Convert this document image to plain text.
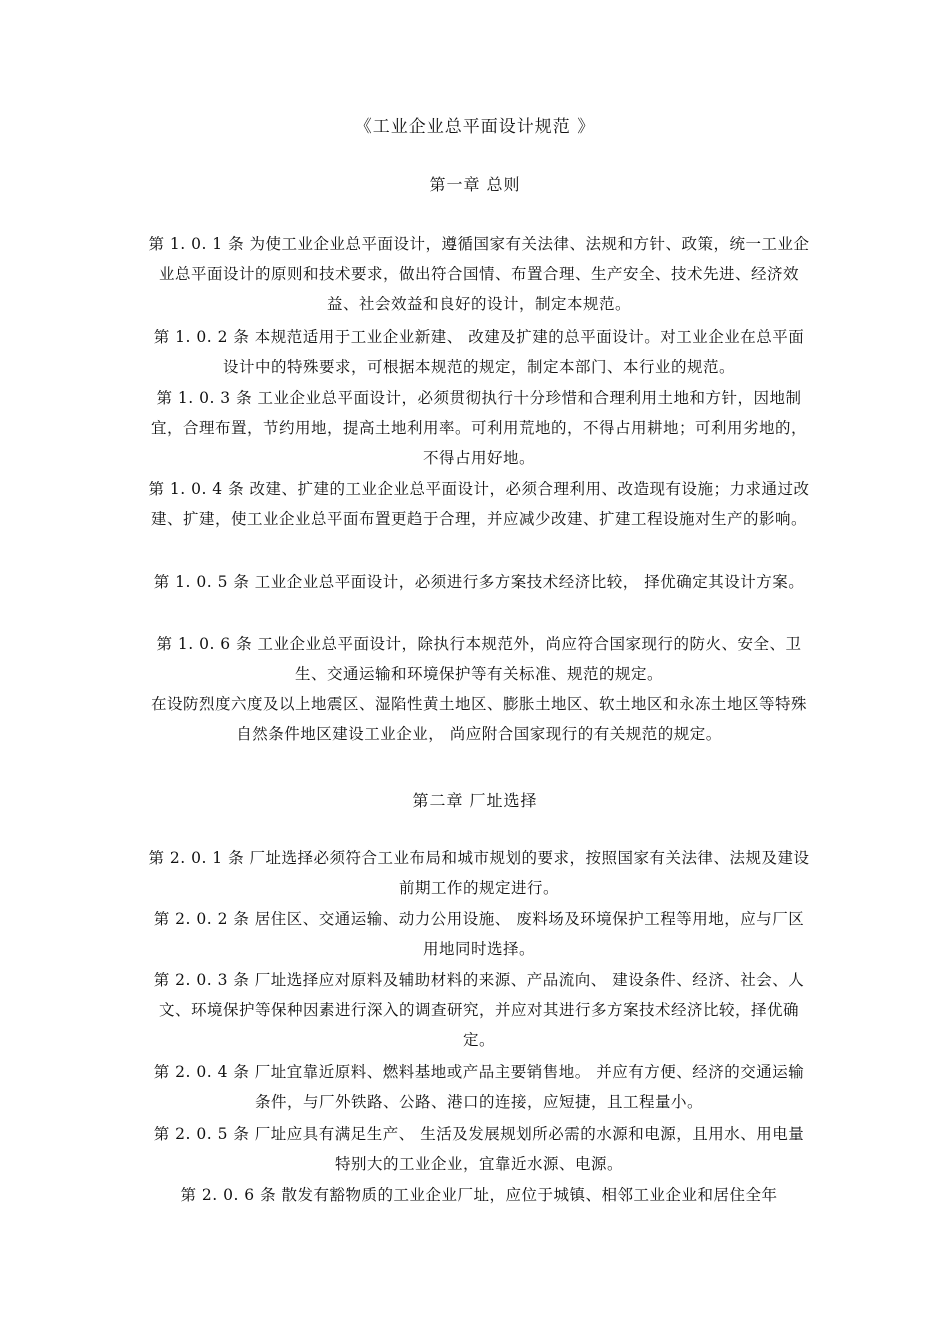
《工业企业总平面设计规范 》
第一章 总则
第 1. 0. 1 条 为使工业企业总平面设计，遵循国家有关法律、法规和方针、政策，统一工业企业总平面设计的原则和技术要求，做出符合国情、布置合理、生产安全、技术先进、经济效益、社会效益和良好的设计，制定本规范。
第 1. 0. 2 条 本规范适用于工业企业新建、 改建及扩建的总平面设计。对工业企业在总平面设计中的特殊要求，可根据本规范的规定，制定本部门、本行业的规范。
第 1. 0. 3 条 工业企业总平面设计，必须贯彻执行十分珍惜和合理利用土地和方针，因地制宜，合理布置，节约用地，提高土地利用率。可利用荒地的，不得占用耕地；可利用劣地的，不得占用好地。
第 1. 0. 4 条 改建、扩建的工业企业总平面设计，必须合理利用、改造现有设施；力求通过改建、扩建，使工业企业总平面布置更趋于合理，并应减少改建、扩建工程设施对生产的影响。
第 1. 0. 5 条 工业企业总平面设计，必须进行多方案技术经济比较， 择优确定其设计方案。
第 1. 0. 6 条 工业企业总平面设计，除执行本规范外，尚应符合国家现行的防火、安全、卫生、交通运输和环境保护等有关标准、规范的规定。
在设防烈度六度及以上地震区、湿陷性黄土地区、膨胀土地区、软土地区和永冻土地区等特殊自然条件地区建设工业企业， 尚应附合国家现行的有关规范的规定。
第二章 厂址选择
第 2. 0. 1 条 厂址选择必须符合工业布局和城市规划的要求，按照国家有关法律、法规及建设前期工作的规定进行。
第 2. 0. 2 条 居住区、交通运输、动力公用设施、 废料场及环境保护工程等用地，应与厂区用地同时选择。
第 2. 0. 3 条 厂址选择应对原料及辅助材料的来源、产品流向、 建设条件、经济、社会、人文、环境保护等保种因素进行深入的调查研究，并应对其进行多方案技术经济比较，择优确定。
第 2. 0. 4 条 厂址宜靠近原料、燃料基地或产品主要销售地。 并应有方便、经济的交通运输条件，与厂外铁路、公路、港口的连接，应短捷，且工程量小。
第 2. 0. 5 条 厂址应具有满足生产、 生活及发展规划所必需的水源和电源，且用水、用电量特别大的工业企业，宜靠近水源、电源。
第 2. 0. 6 条 散发有豁物质的工业企业厂址，应位于城镇、相邻工业企业和居住全年
